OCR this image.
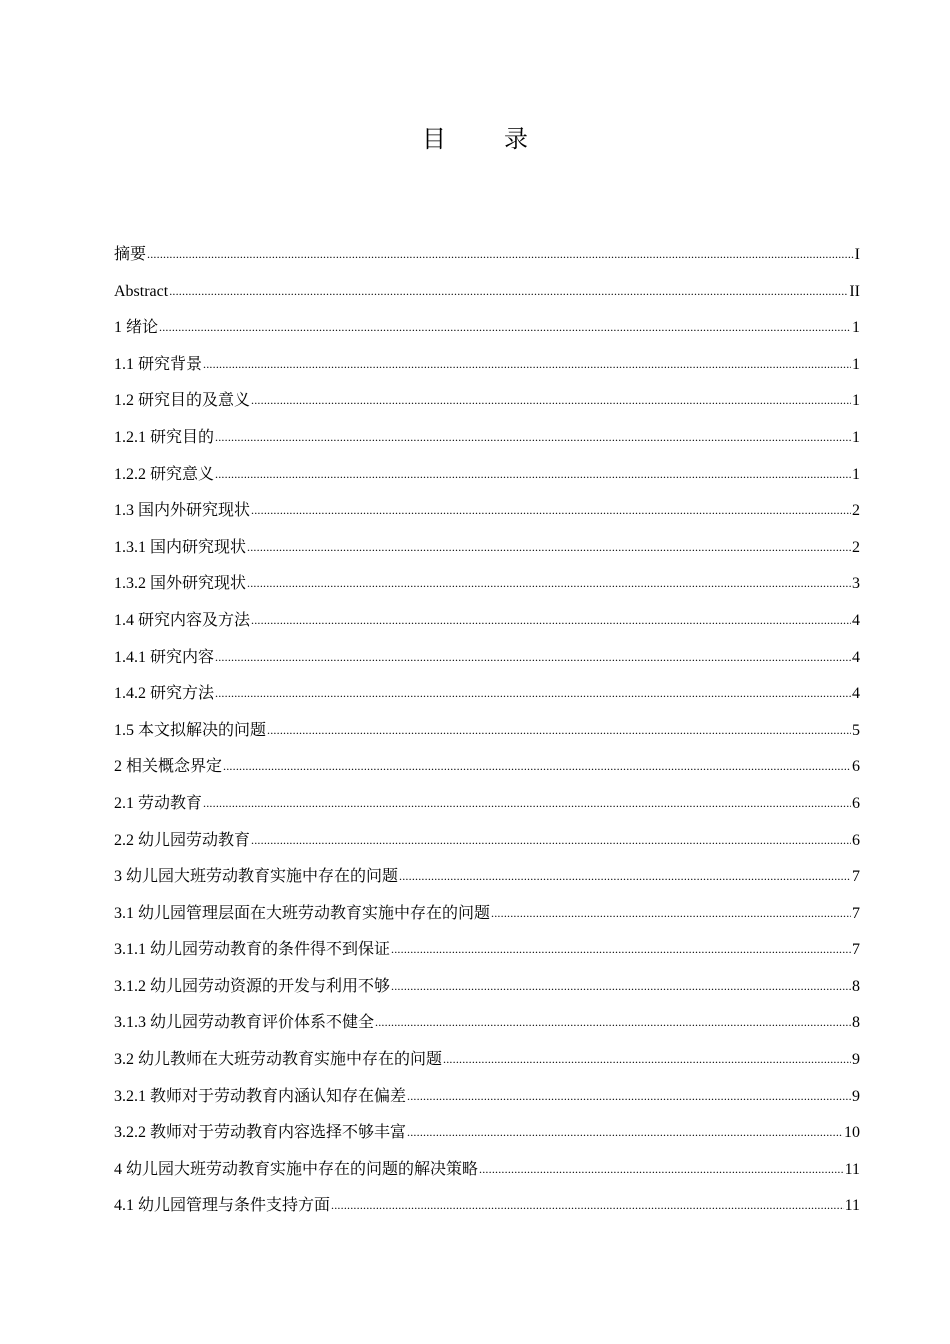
目 录
摘要 .....	I
Abstract .....	II
1 绪论 .....	1
1.1 研究背景 .....	1
1.2 研究目的及意义 .....	1
1.2.1 研究目的 .....	1
1.2.2 研究意义 .....	1
1.3 国内外研究现状 .....	2
1.3.1 国内研究现状 .....	2
1.3.2 国外研究现状 .....	3
1.4 研究内容及方法 .....	4
1.4.1 研究内容 .....	4
1.4.2 研究方法 .....	4
1.5 本文拟解决的问题 .....	5
2 相关概念界定 .....	6
2.1 劳动教育 .....	6
2.2 幼儿园劳动教育 .....	6
3 幼儿园大班劳动教育实施中存在的问题 .....	7
3.1 幼儿园管理层面在大班劳动教育实施中存在的问题 .....	7
3.1.1 幼儿园劳动教育的条件得不到保证 .....	7
3.1.2 幼儿园劳动资源的开发与利用不够 .....	8
3.1.3 幼儿园劳动教育评价体系不健全 .....	8
3.2 幼儿教师在大班劳动教育实施中存在的问题 .....	9
3.2.1 教师对于劳动教育内涵认知存在偏差 .....	9
3.2.2 教师对于劳动教育内容选择不够丰富 .....	10
4 幼儿园大班劳动教育实施中存在的问题的解决策略 .....	11
4.1 幼儿园管理与条件支持方面 .....	11
